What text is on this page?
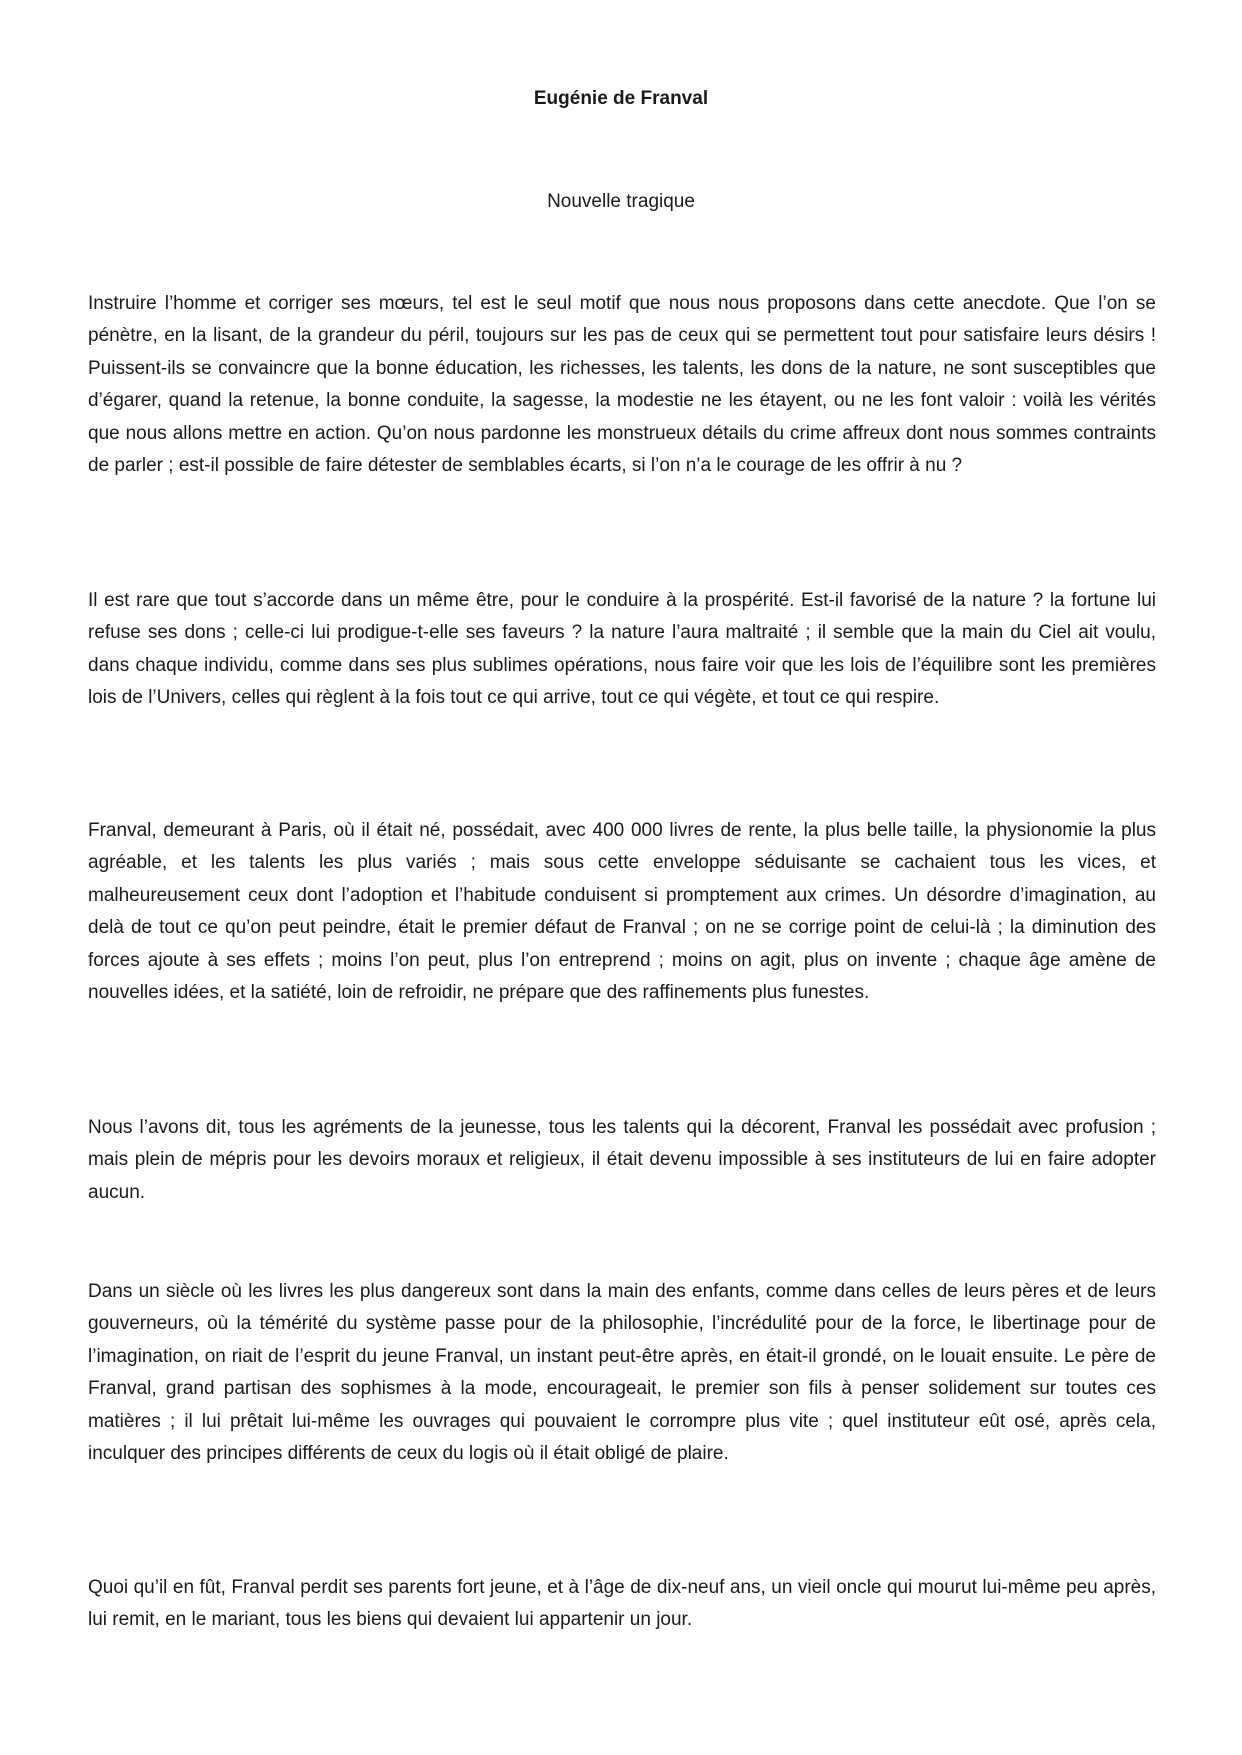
Eugénie de Franval

Nouvelle tragique

Instruire l’homme et corriger ses mœurs, tel est le seul motif que nous nous proposons dans cette anecdote. Que l’on se pénètre, en la lisant, de la grandeur du péril, toujours sur les pas de ceux qui se permettent tout pour satisfaire leurs désirs ! Puissent-ils se convaincre que la bonne éducation, les richesses, les talents, les dons de la nature, ne sont susceptibles que d’égarer, quand la retenue, la bonne conduite, la sagesse, la modestie ne les étayent, ou ne les font valoir : voilà les vérités que nous allons mettre en action. Qu’on nous pardonne les monstrueux détails du crime affreux dont nous sommes contraints de parler ; est-il possible de faire détester de semblables écarts, si l’on n’a le courage de les offrir à nu ?

Il est rare que tout s’accorde dans un même être, pour le conduire à la prospérité. Est-il favorisé de la nature ? la fortune lui refuse ses dons ; celle-ci lui prodigue-t-elle ses faveurs ? la nature l’aura maltraité ; il semble que la main du Ciel ait voulu, dans chaque individu, comme dans ses plus sublimes opérations, nous faire voir que les lois de l’équilibre sont les premières lois de l’Univers, celles qui règlent à la fois tout ce qui arrive, tout ce qui végète, et tout ce qui respire.

Franval, demeurant à Paris, où il était né, possédait, avec 400 000 livres de rente, la plus belle taille, la physionomie la plus agréable, et les talents les plus variés ; mais sous cette enveloppe séduisante se cachaient tous les vices, et malheureusement ceux dont l’adoption et l’habitude conduisent si promptement aux crimes. Un désordre d’imagination, au delà de tout ce qu’on peut peindre, était le premier défaut de Franval ; on ne se corrige point de celui-là ; la diminution des forces ajoute à ses effets ; moins l’on peut, plus l’on entreprend ; moins on agit, plus on invente ; chaque âge amène de nouvelles idées, et la satiété, loin de refroidir, ne prépare que des raffinements plus funestes.

Nous l’avons dit, tous les agréments de la jeunesse, tous les talents qui la décorent, Franval les possédait avec profusion ; mais plein de mépris pour les devoirs moraux et religieux, il était devenu impossible à ses instituteurs de lui en faire adopter aucun.

Dans un siècle où les livres les plus dangereux sont dans la main des enfants, comme dans celles de leurs pères et de leurs gouverneurs, où la témérité du système passe pour de la philosophie, l’incrédulité pour de la force, le libertinage pour de l’imagination, on riait de l’esprit du jeune Franval, un instant peut-être après, en était-il grondé, on le louait ensuite. Le père de Franval, grand partisan des sophismes à la mode, encourageait, le premier son fils à penser solidement sur toutes ces matières ; il lui prêtait lui-même les ouvrages qui pouvaient le corrompre plus vite ; quel instituteur eût osé, après cela, inculquer des principes différents de ceux du logis où il était obligé de plaire.

Quoi qu’il en fût, Franval perdit ses parents fort jeune, et à l’âge de dix-neuf ans, un vieil oncle qui mourut lui-même peu après, lui remit, en le mariant, tous les biens qui devaient lui appartenir un jour.
